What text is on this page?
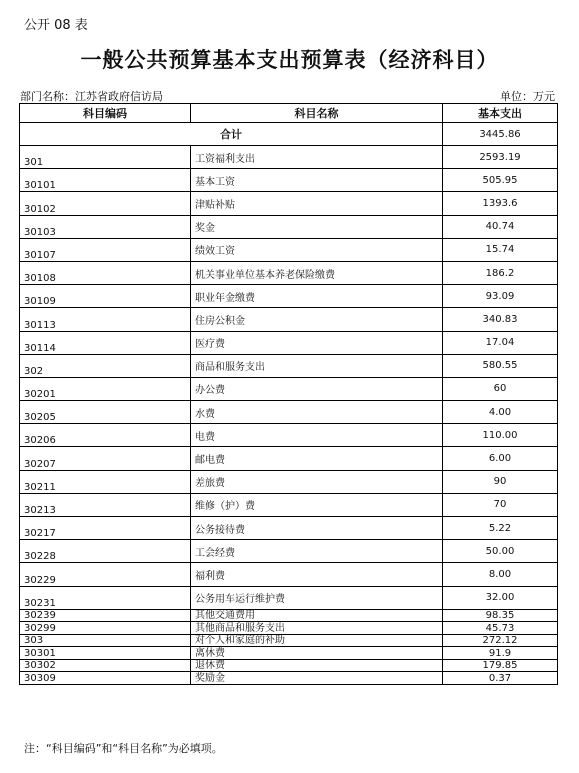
公开 08 表
一般公共预算基本支出预算表（经济科目）
部门名称：江苏省政府信访局	单位：万元
科目编码	科目名称	基本支出
合计		3445.86
301	工资福利支出	2593.19
30101	基本工资	505.95
30102	津贴补贴	1393.6
30103	奖金	40.74
30107	绩效工资	15.74
30108	机关事业单位基本养老保险缴费	186.2
30109	职业年金缴费	93.09
30113	住房公积金	340.83
30114	医疗费	17.04
302	商品和服务支出	580.55
30201	办公费	60
30205	水费	4.00
30206	电费	110.00
30207	邮电费	6.00
30211	差旅费	90
30213	维修（护）费	70
30217	公务接待费	5.22
30228	工会经费	50.00
30229	福利费	8.00
30231	公务用车运行维护费	32.00
30239	其他交通费用	98.35
30299	其他商品和服务支出	45.73
303	对个人和家庭的补助	272.12
30301	离休费	91.9
30302	退休费	179.85
30309	奖励金	0.37
注：“科目编码”和“科目名称”为必填项。
